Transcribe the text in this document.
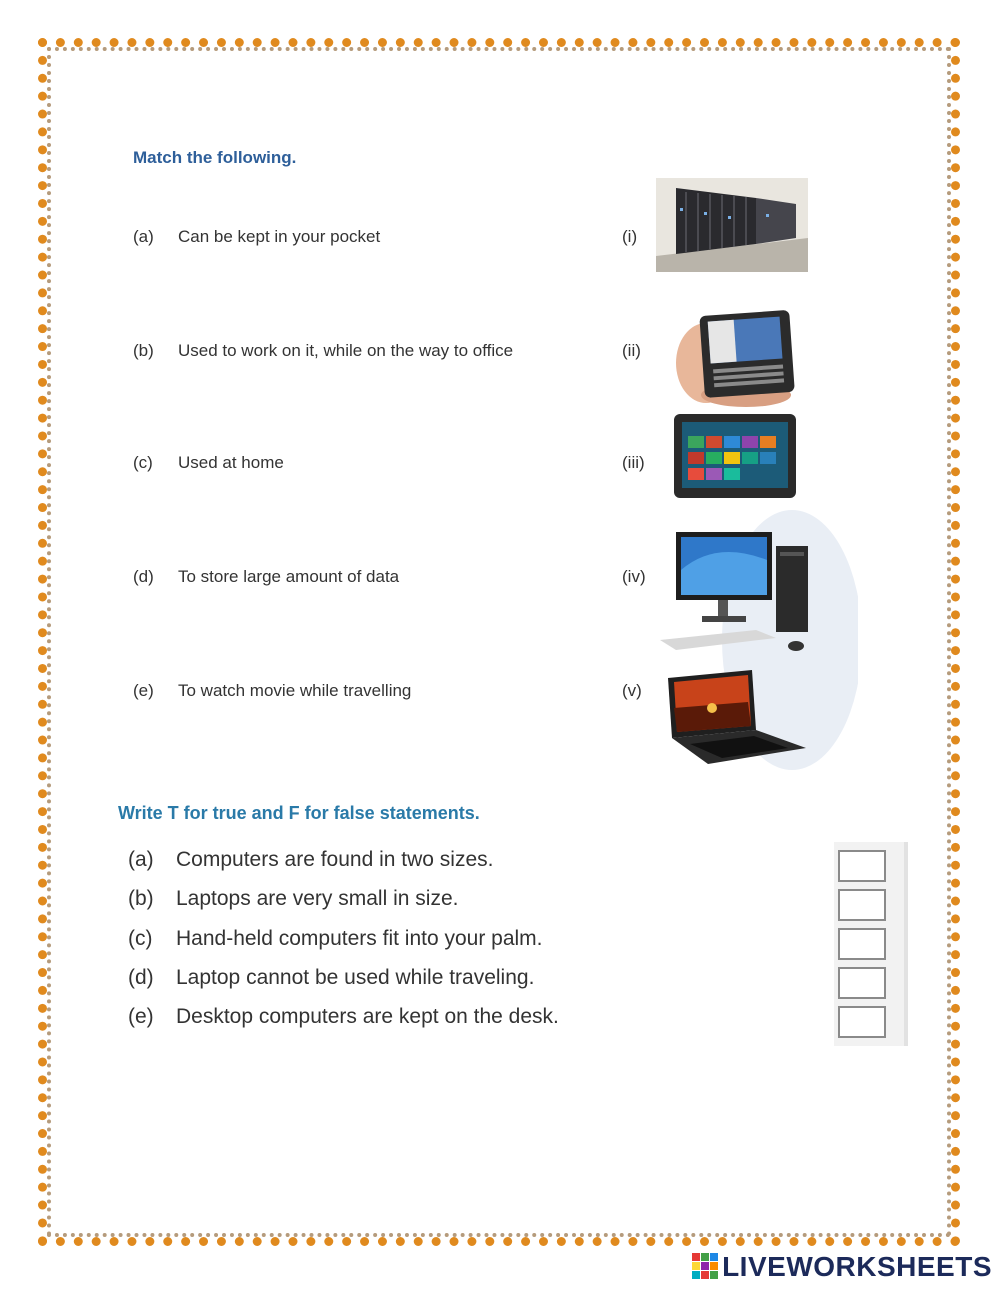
Match the following.
(a) Can be kept in your pocket	(i)
(b) Used to work on it, while on the way to office	(ii)
(c) Used at home	(iii)
(d) To store large amount of data	(iv)
(e) To watch movie while travelling	(v)
Write T for true and F for false statements.
(a) Computers are found in two sizes.
(b) Laptops are very small in size.
(c) Hand-held computers fit into your palm.
(d) Laptop cannot be used while traveling.
(e) Desktop computers are kept on the desk.
LIVEWORKSHEETS
